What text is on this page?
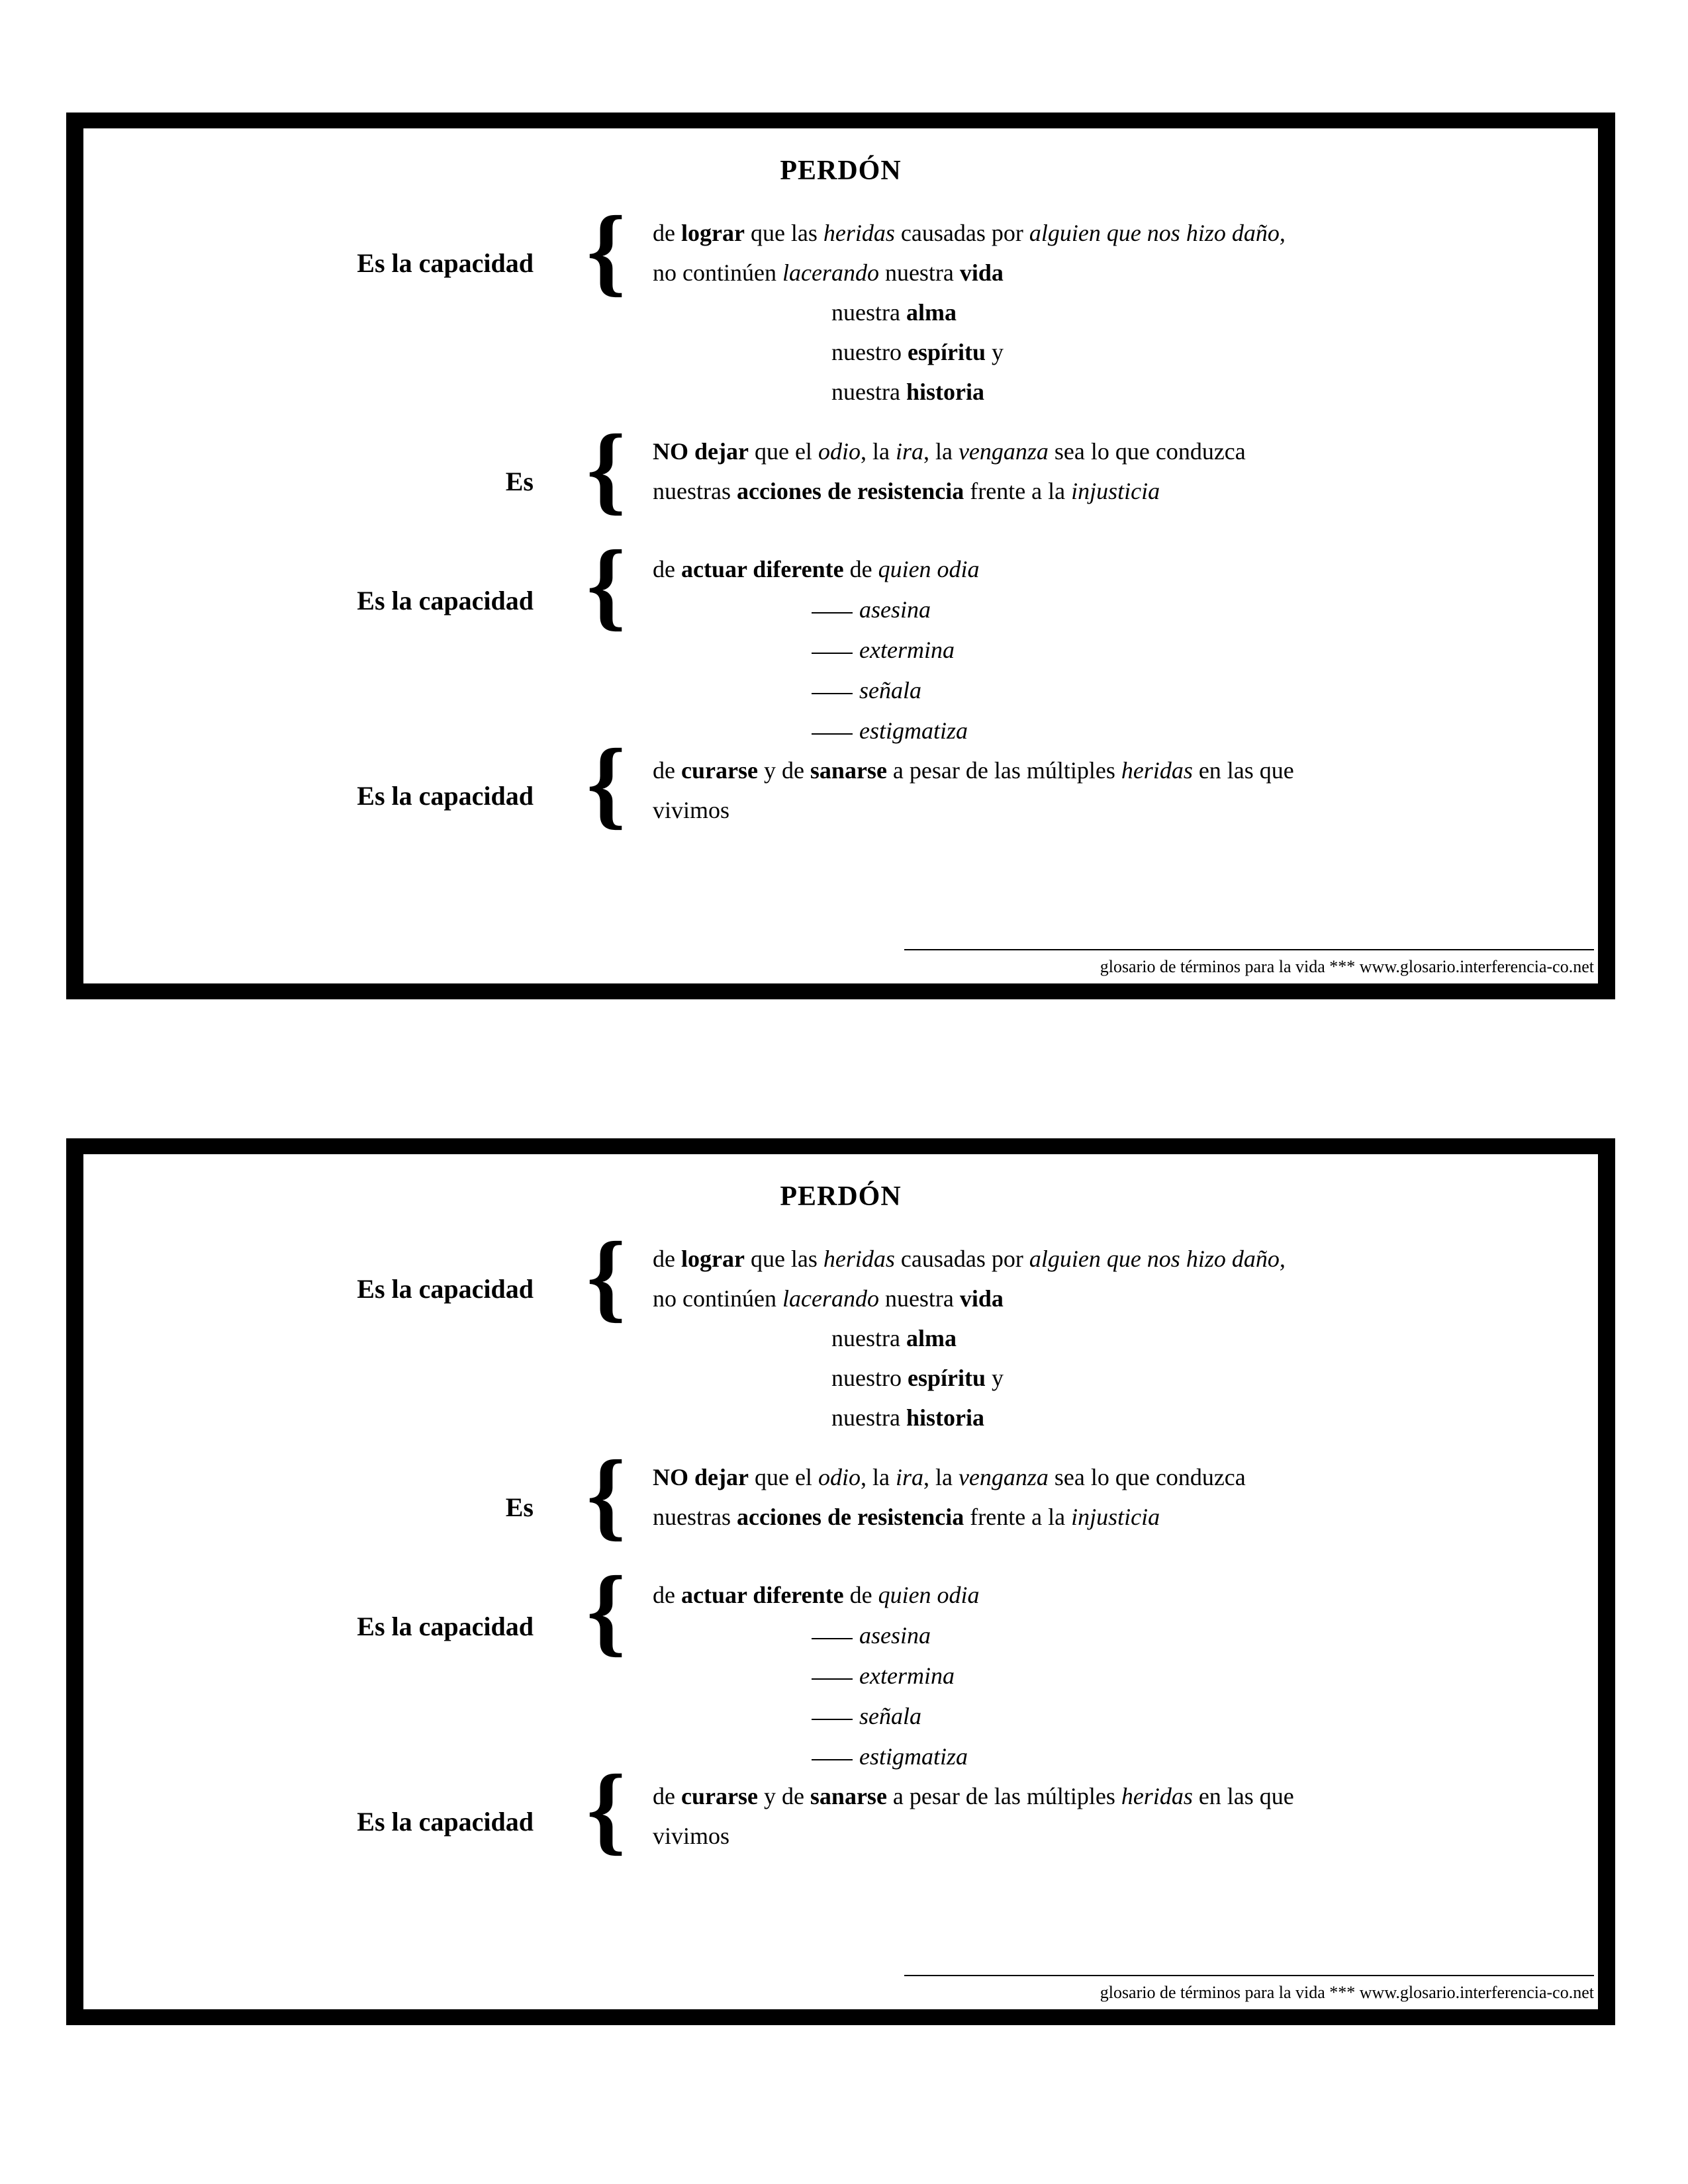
PERDÓN
Es la capacidad { de lograr que las heridas causadas por alguien que nos hizo daño,
no continúen lacerando nuestra vida
nuestra alma
nuestro espíritu y
nuestra historia
Es { NO dejar que el odio, la ira, la venganza sea lo que conduzca
nuestras acciones de resistencia frente a la injusticia
Es la capacidad { de actuar diferente de quien odia
asesina
extermina
señala
estigmatiza
Es la capacidad { de curarse y de sanarse a pesar de las múltiples heridas en las que
vivimos
glosario de términos para la vida *** www.glosario.interferencia-co.net
PERDÓN
Es la capacidad { de lograr que las heridas causadas por alguien que nos hizo daño,
no continúen lacerando nuestra vida
nuestra alma
nuestro espíritu y
nuestra historia
Es { NO dejar que el odio, la ira, la venganza sea lo que conduzca
nuestras acciones de resistencia frente a la injusticia
Es la capacidad { de actuar diferente de quien odia
asesina
extermina
señala
estigmatiza
Es la capacidad { de curarse y de sanarse a pesar de las múltiples heridas en las que
vivimos
glosario de términos para la vida *** www.glosario.interferencia-co.net
